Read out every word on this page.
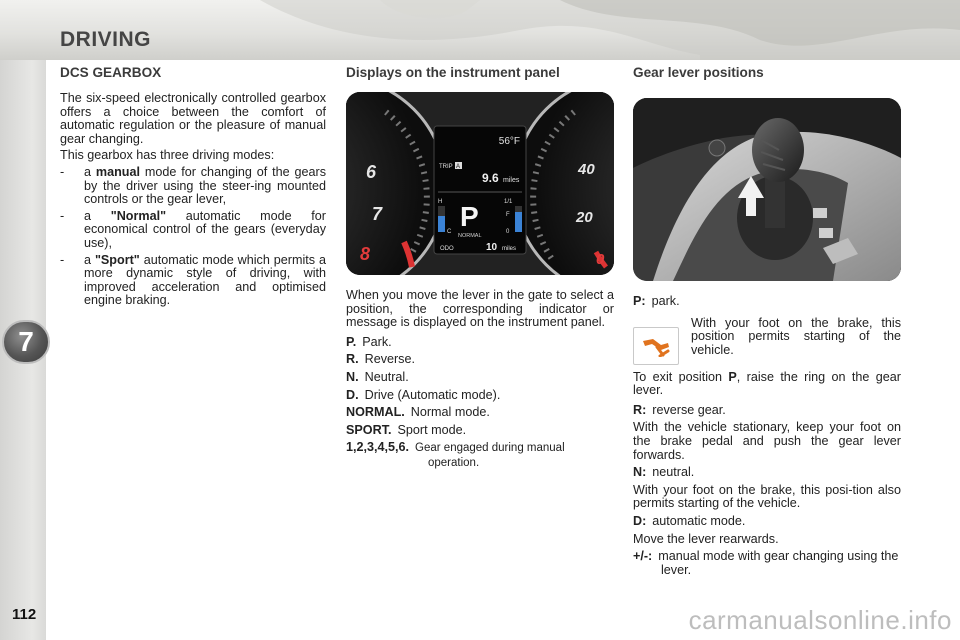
DRIVING
7
112
DCS GEARBOX

The six-speed electronically controlled gearbox offers a choice between the comfort of automatic regulation or the pleasure of manual gear changing.

This gearbox has three driving modes:

- a manual mode for changing of the gears by the driver using the steer-ing mounted controls or the gear lever,
- a "Normal" automatic mode for economical control of the gears (everyday use),
- a "Sport" automatic mode which permits a more dynamic style of driving, with improved acceleration and optimised engine braking.
Displays on the instrument panel
6
7
8
40
20
0
56°F
TRIP A
9.6 miles
H
C P
NORMAL
1/1
F
0
ODO	10 miles

When you move the lever in the gate to select a position, the corresponding indicator or message is displayed on the instrument panel.

P. Park.
R. Reverse.
N. Neutral.
D. Drive (Automatic mode).
NORMAL. Normal mode.
SPORT. Sport mode.
1,2,3,4,5,6. Gear engaged during manual operation.
Gear lever positions
P: park.
With your foot on the brake, this position permits starting of the vehicle.

To exit position P, raise the ring on the gear lever.

R: reverse gear.

With the vehicle stationary, keep your foot on the brake pedal and push the gear lever forwards.

N: neutral.

With your foot on the brake, this posi-tion also permits starting of the vehicle.

D: automatic mode.

Move the lever rearwards.

+/-: manual mode with gear changing using the lever.
carmanualsonline.info
